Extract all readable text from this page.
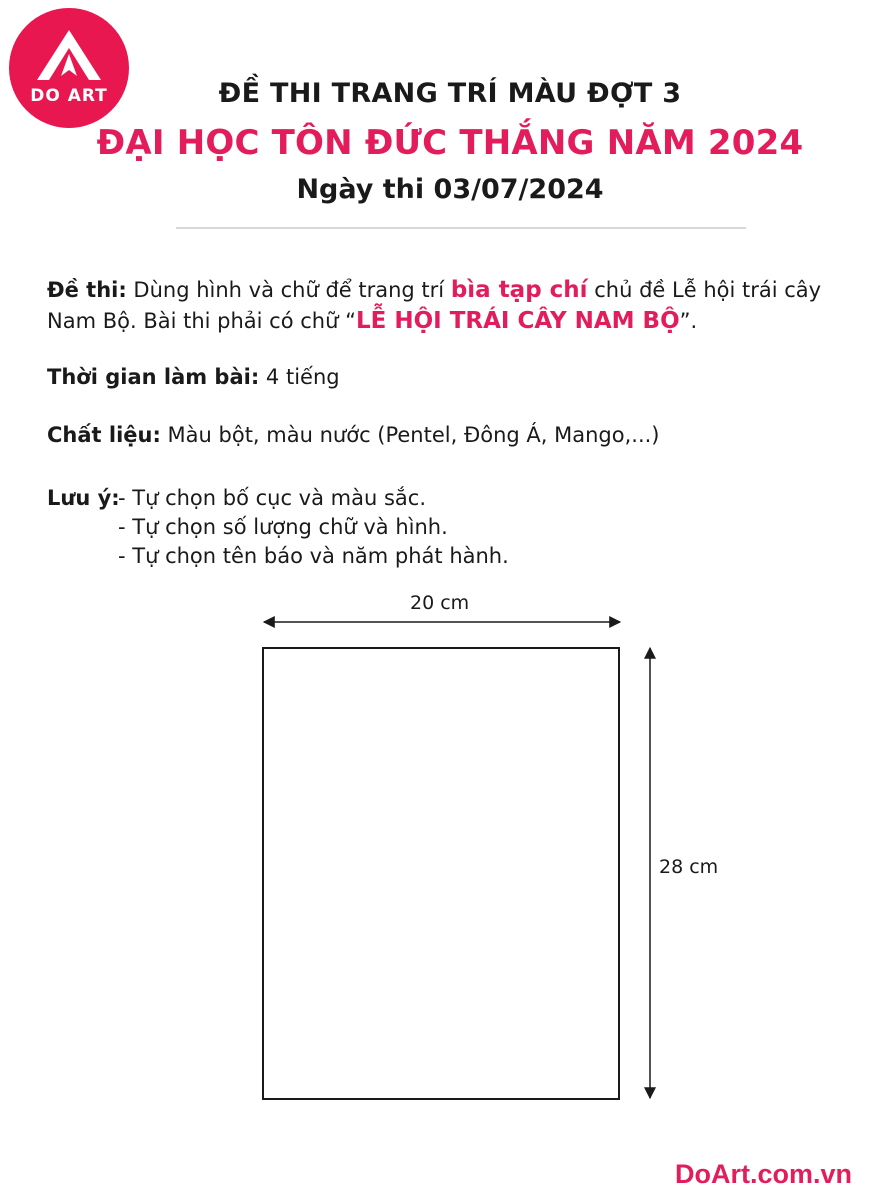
DO ART	ĐỀ THI TRANG TRÍ MÀU ĐỢT 3
ĐẠI HỌC TÔN ĐỨC THẮNG NĂM 2024
Ngày thi 03/07/2024
Đề thi: Dùng hình và chữ để trang trí bìa tạp chí chủ đề Lễ hội trái cây
Nam Bộ. Bài thi phải có chữ “LỄ HỘI TRÁI CÂY NAM BỘ”.
Thời gian làm bài: 4 tiếng
Chất liệu: Màu bột, màu nước (Pentel, Đông Á, Mango,...)
Lưu ý:
- Tự chọn bố cục và màu sắc.
- Tự chọn số lượng chữ và hình.
- Tự chọn tên báo và năm phát hành.
20 cm
28 cm
DoArt.com.vn
